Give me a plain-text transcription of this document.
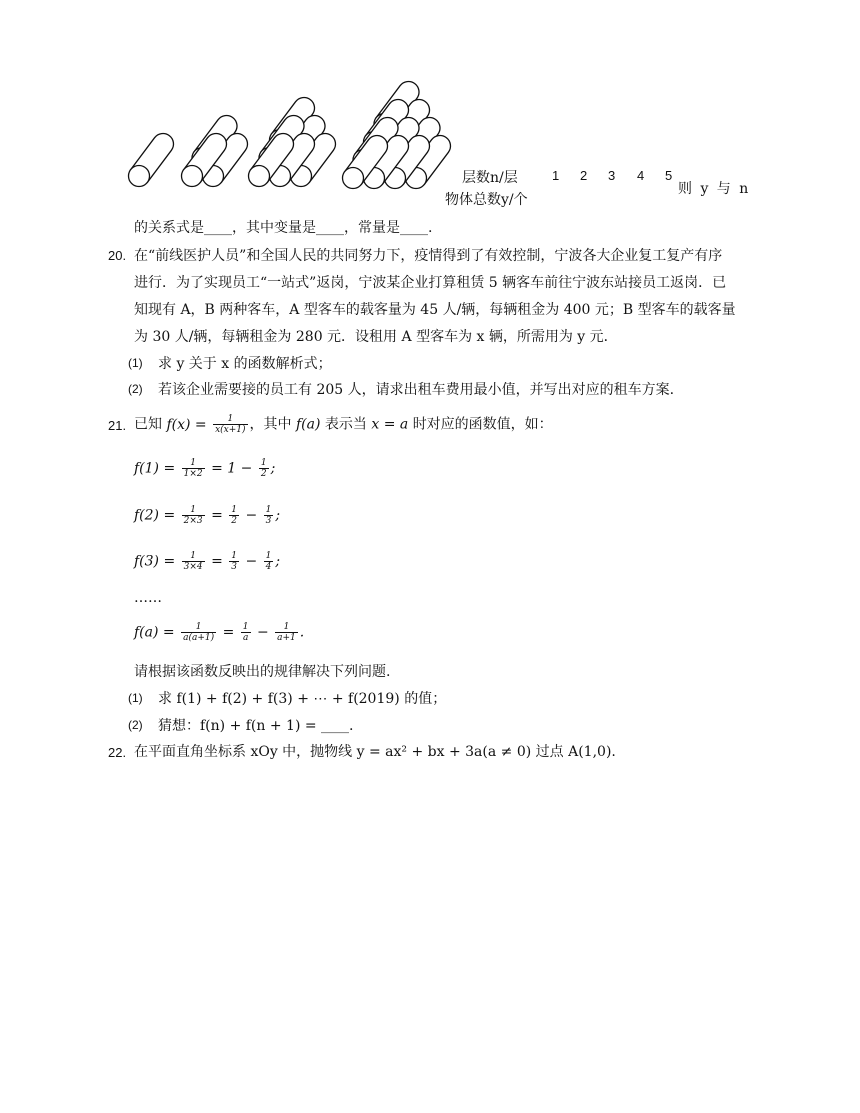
层数n/层	1 2 3 4 5
则 y 与 n
物体总数y/个
的关系式是____，其中变量是____，常量是____.
20. 在“前线医护人员”和全国人民的共同努力下，疫情得到了有效控制，宁波各大企业复工复产有序
进行．为了实现员工“一站式”返岗，宁波某企业打算租赁 5 辆客车前往宁波东站接员工返岗．已
知现有 A，B 两种客车，A 型客车的载客量为 45 人/辆，每辆租金为 400 元；B 型客车的载客量
为 30 人/辆，每辆租金为 280 元．设租用 A 型客车为 x 辆，所需用为 y 元．
(1) 求 y 关于 x 的函数解析式；
(2) 若该企业需要接的员工有 205 人，请求出租车费用最小值，并写出对应的租车方案.
21. 已知 $f(x) = \frac{1}{x(x+1)}$ ，其中 f(a) 表示当 x = a 时对应的函数值，如：
$f(1) = \frac{1}{1\times 2} = 1 - \frac{1}{2}$ ;
$f(2) = \frac{1}{2\times 3} = \frac{1}{2} - \frac{1}{3}$ ;
$f(3) = \frac{1}{3\times 4} = \frac{1}{3} - \frac{1}{4}$ ;
……
$f(a) = \frac{1}{a(a+1)} = \frac{1}{a} - \frac{1}{a+1}$ .
请根据该函数反映出的规律解决下列问题.
(1) 求 f(1) + f(2) + f(3) + ⋯ + f(2019) 的值；
(2) 猜想：f(n) + f(n + 1) = ____.
22. 在平面直角坐标系 xOy 中，抛物线 y = ax² + bx + 3a(a ≠ 0) 过点 A(1,0).
